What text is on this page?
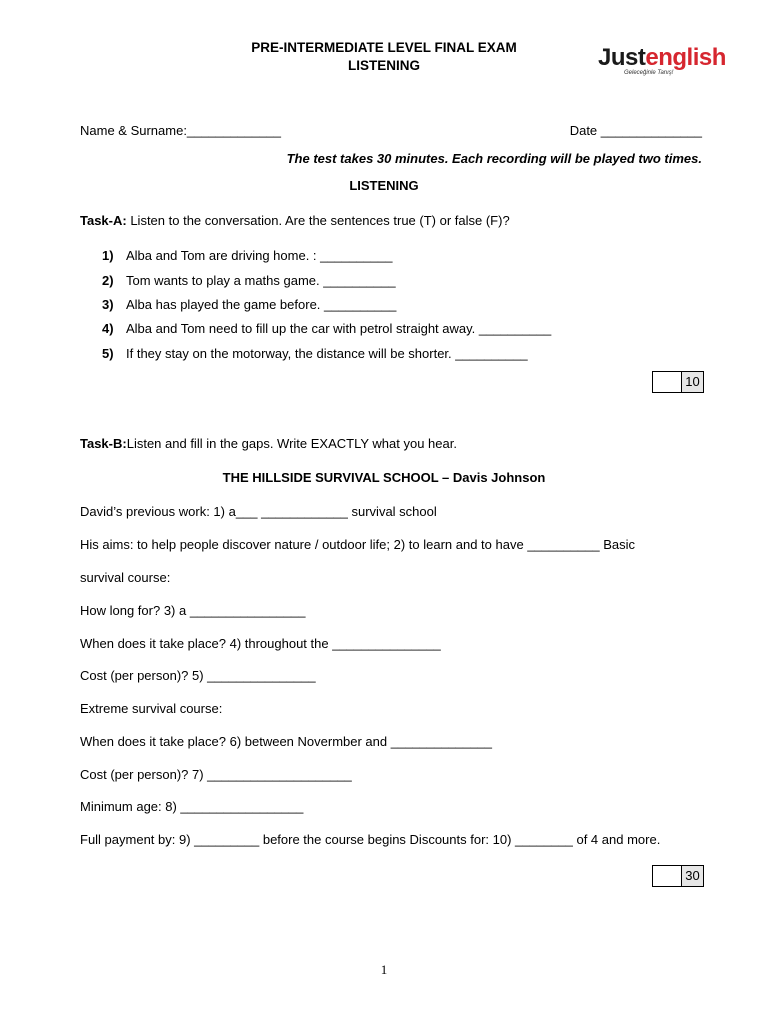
PRE-INTERMEDIATE LEVEL FINAL EXAM
LISTENING	Justenglish
Geleceğinle Tanış!
Name & Surname:_____________	Date ______________
The test takes 30 minutes. Each recording will be played two times.
LISTENING
Task-A: Listen to the conversation. Are the sentences true (T) or false (F)?
1) Alba and Tom are driving home. : __________
2) Tom wants to play a maths game. __________
3) Alba has played the game before. __________
4) Alba and Tom need to fill up the car with petrol straight away. __________
5) If they stay on the motorway, the distance will be shorter. __________
10
Task-B:Listen and fill in the gaps. Write EXACTLY what you hear.
THE HILLSIDE SURVIVAL SCHOOL – Davis Johnson
David’s previous work: 1) a___ ____________ survival school
His aims: to help people discover nature / outdoor life; 2) to learn and to have __________ Basic
survival course:
How long for? 3) a ________________
When does it take place? 4) throughout the _______________
Cost (per person)? 5) _______________
Extreme survival course:
When does it take place? 6) between Novermber and ______________
Cost (per person)? 7) ____________________
Minimum age: 8) _________________
Full payment by: 9) _________ before the course begins Discounts for: 10) ________ of 4 and more.
30
1
